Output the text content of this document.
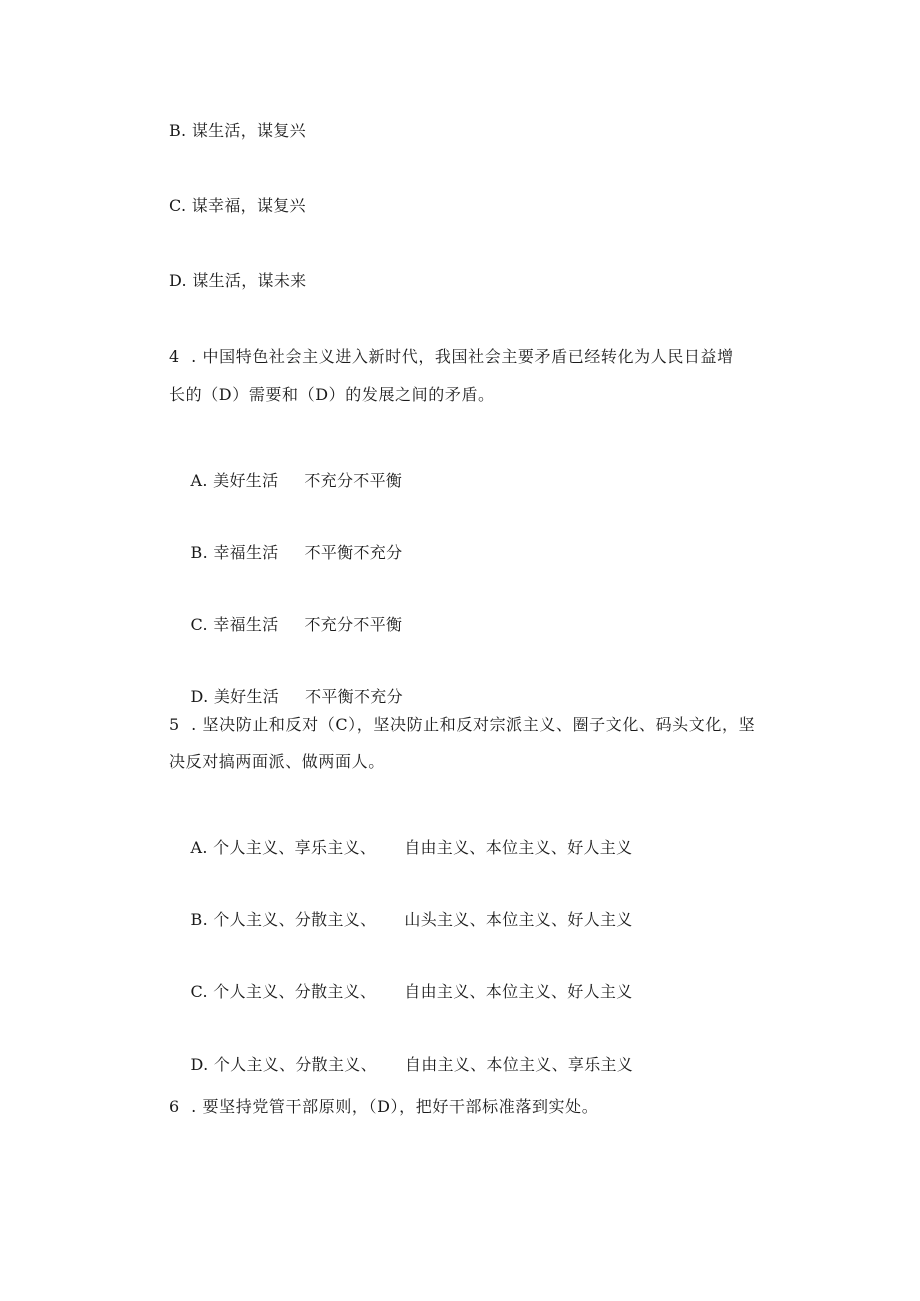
B. 谋生活，谋复兴
C. 谋幸福，谋复兴
D. 谋生活，谋未来
4  . 中国特色社会主义进入新时代，我国社会主要矛盾已经转化为人民日益增
长的（D）需要和（D）的发展之间的矛盾。

A. 美好生活 不充分不平衡

B. 幸福生活 不平衡不充分

C. 幸福生活 不充分不平衡

D. 美好生活 不平衡不充分

5  . 坚决防止和反对（C），坚决防止和反对宗派主义、圈子文化、码头文化，坚
决反对搞两面派、做两面人。

A. 个人主义、享乐主义、 自由主义、本位主义、好人主义

B. 个人主义、分散主义、 山头主义、本位主义、好人主义

C. 个人主义、分散主义、 自由主义、本位主义、好人主义

D. 个人主义、分散主义、 自由主义、本位主义、享乐主义

6  . 要坚持党管干部原则，（D），把好干部标准落到实处。
